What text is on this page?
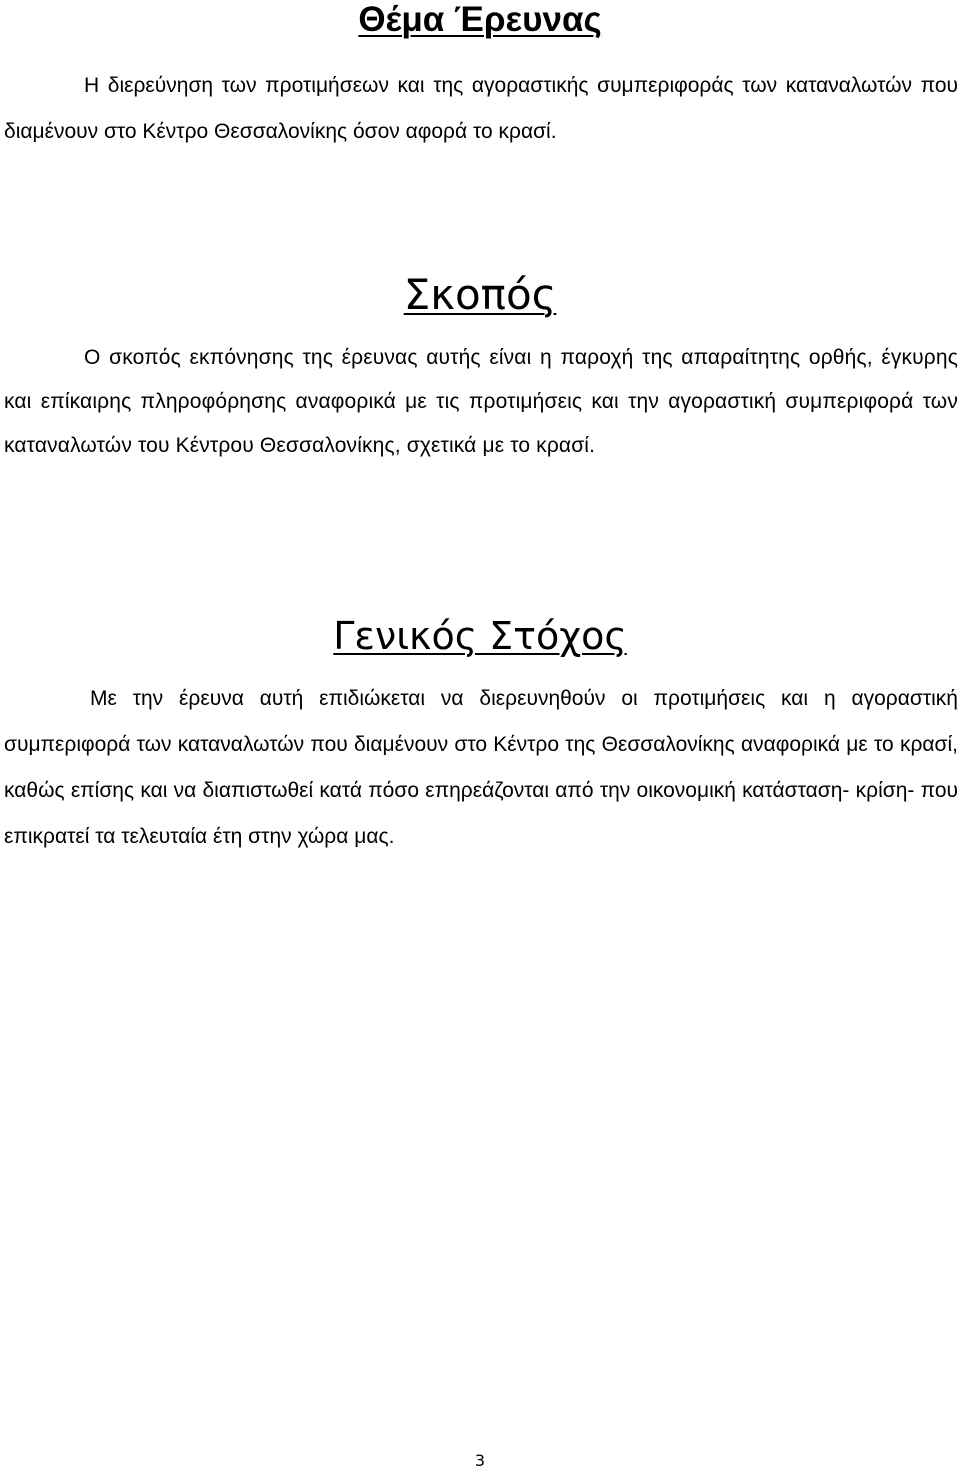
Θέμα Έρευνας

Η διερεύνηση των προτιμήσεων και της αγοραστικής συμπεριφοράς των καταναλωτών που διαμένουν στο Κέντρο Θεσσαλονίκης όσον αφορά το κρασί.

Σκοπός

Ο σκοπός εκπόνησης της έρευνας αυτής είναι η παροχή της απαραίτητης ορθής, έγκυρης και επίκαιρης πληροφόρησης αναφορικά με τις προτιμήσεις και την αγοραστική συμπεριφορά των καταναλωτών του Κέντρου Θεσσαλονίκης, σχετικά με το κρασί.

Γενικός Στόχος

Με την έρευνα αυτή επιδιώκεται να διερευνηθούν οι προτιμήσεις και η αγοραστική συμπεριφορά των καταναλωτών που διαμένουν στο Κέντρο της Θεσσαλονίκης αναφορικά με το κρασί, καθώς επίσης και να διαπιστωθεί κατά πόσο επηρεάζονται από την οικονομική κατάσταση- κρίση- που επικρατεί τα τελευταία έτη στην χώρα μας.

3
